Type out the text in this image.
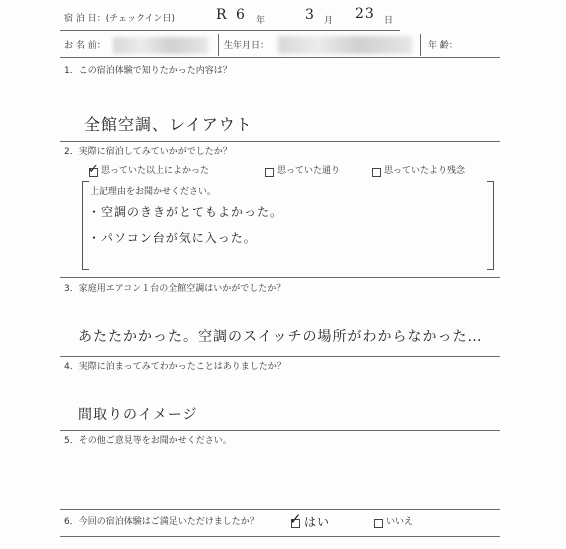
宿 泊 日：(チェックイン日)	R 6 年	3 月 23 日
お 名 前：	生年月日：	年 齢：
1．この宿泊体験で知りたかった内容は？
全館空調、レイアウト
2．実際に宿泊してみていかがでしたか？
✓ 思っていた以上によかった	思っていた通り	思っていたより残念
上記理由をお聞かせください。
・空調のききがとてもよかった。
・パソコン台が気に入った。
3．家庭用エアコン１台の全館空調はいかがでしたか？
あたたかかった。空調のスイッチの場所がわからなかった…
4．実際に泊まってみてわかったことはありましたか？
間取りのイメージ
5．その他ご意見等をお聞かせください。
6．今回の宿泊体験はご満足いただけましたか？ ✓ はい	いいえ
